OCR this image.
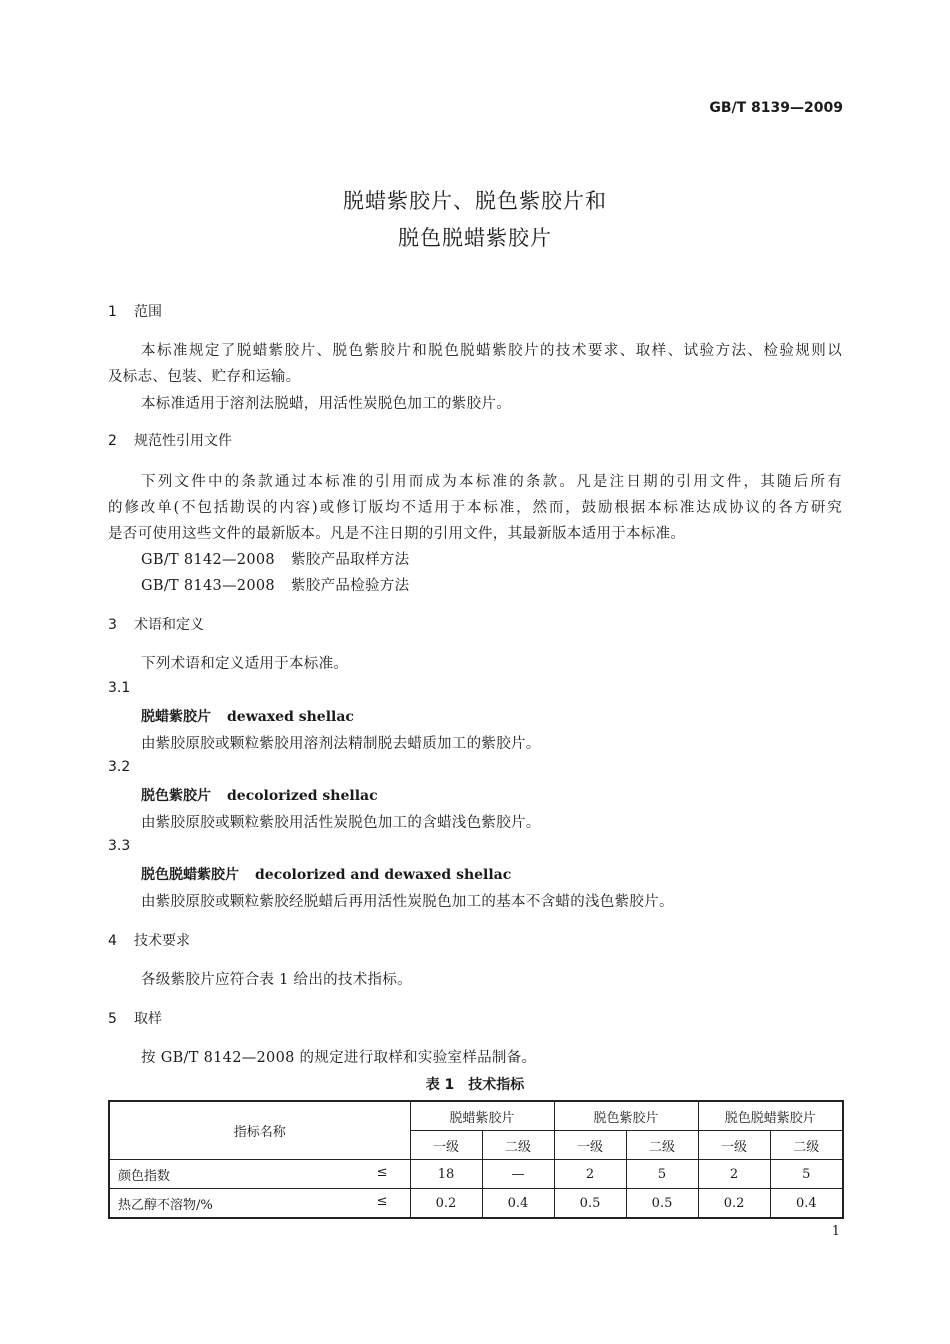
GB/T 8139—2009
脱蜡紫胶片、脱色紫胶片和
脱色脱蜡紫胶片
1 范围
本标准规定了脱蜡紫胶片、脱色紫胶片和脱色脱蜡紫胶片的技术要求、取样、试验方法、检验规则以
及标志、包装、贮存和运输。
本标准适用于溶剂法脱蜡，用活性炭脱色加工的紫胶片。
2 规范性引用文件
下列文件中的条款通过本标准的引用而成为本标准的条款。凡是注日期的引用文件，其随后所有
的修改单(不包括勘误的内容)或修订版均不适用于本标准，然而，鼓励根据本标准达成协议的各方研究
是否可使用这些文件的最新版本。凡是不注日期的引用文件，其最新版本适用于本标准。
GB/T 8142—2008 紫胶产品取样方法
GB/T 8143—2008 紫胶产品检验方法
3 术语和定义
下列术语和定义适用于本标准。
3.1
脱蜡紫胶片 dewaxed shellac
由紫胶原胶或颗粒紫胶用溶剂法精制脱去蜡质加工的紫胶片。
3.2
脱色紫胶片 decolorized shellac
由紫胶原胶或颗粒紫胶用活性炭脱色加工的含蜡浅色紫胶片。
3.3
脱色脱蜡紫胶片 decolorized and dewaxed shellac
由紫胶原胶或颗粒紫胶经脱蜡后再用活性炭脱色加工的基本不含蜡的浅色紫胶片。
4 技术要求
各级紫胶片应符合表 1 给出的技术指标。
5 取样
按 GB/T 8142—2008 的规定进行取样和实验室样品制备。
表 1　技术指标
指标名称	脱蜡紫胶片		脱色紫胶片		脱色脱蜡紫胶片	
	一级	二级	一级	二级	一级	二级
颜色指数 ≤	18	—	2	5	2	5
热乙醇不溶物/% ≤	0.2	0.4	0.5	0.5	0.2	0.4
1
